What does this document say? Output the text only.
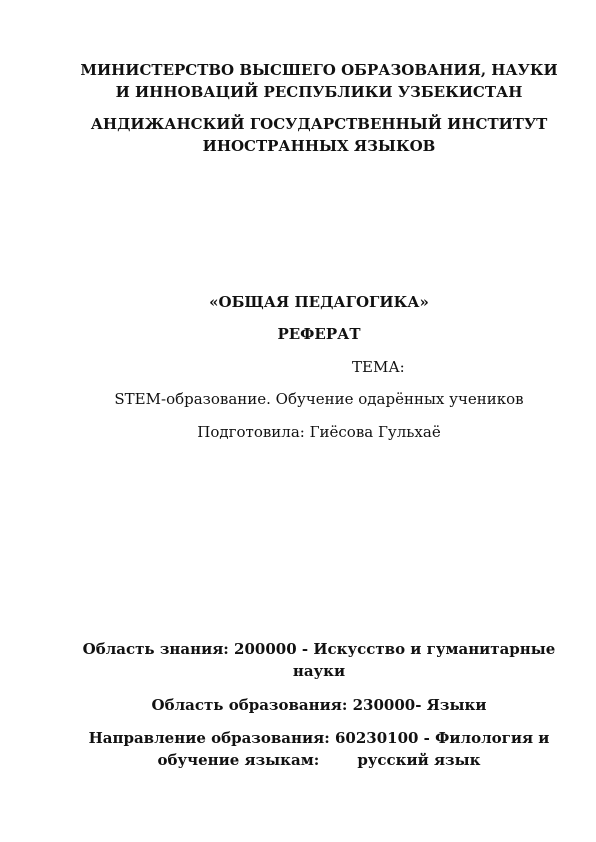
МИНИСТЕРСТВО ВЫСШЕГО ОБРАЗОВАНИЯ, НАУКИ И ИННОВАЦИЙ РЕСПУБЛИКИ УЗБЕКИСТАН
АНДИЖАНСКИЙ ГОСУДАРСТВЕННЫЙ ИНСТИТУТ ИНОСТРАННЫХ ЯЗЫКОВ
«ОБЩАЯ ПЕДАГОГИКА»
РЕФЕРАТ
ТЕМА:
STEM-образование. Обучение одарённых учеников
Подготовила: Гиёсова Гульхаё
Область знания: 200000 - Искусство и гуманитарные науки
Область образования: 230000- Языки
Направление образования: 60230100 - Филология и обучение языкам:	русский язык
